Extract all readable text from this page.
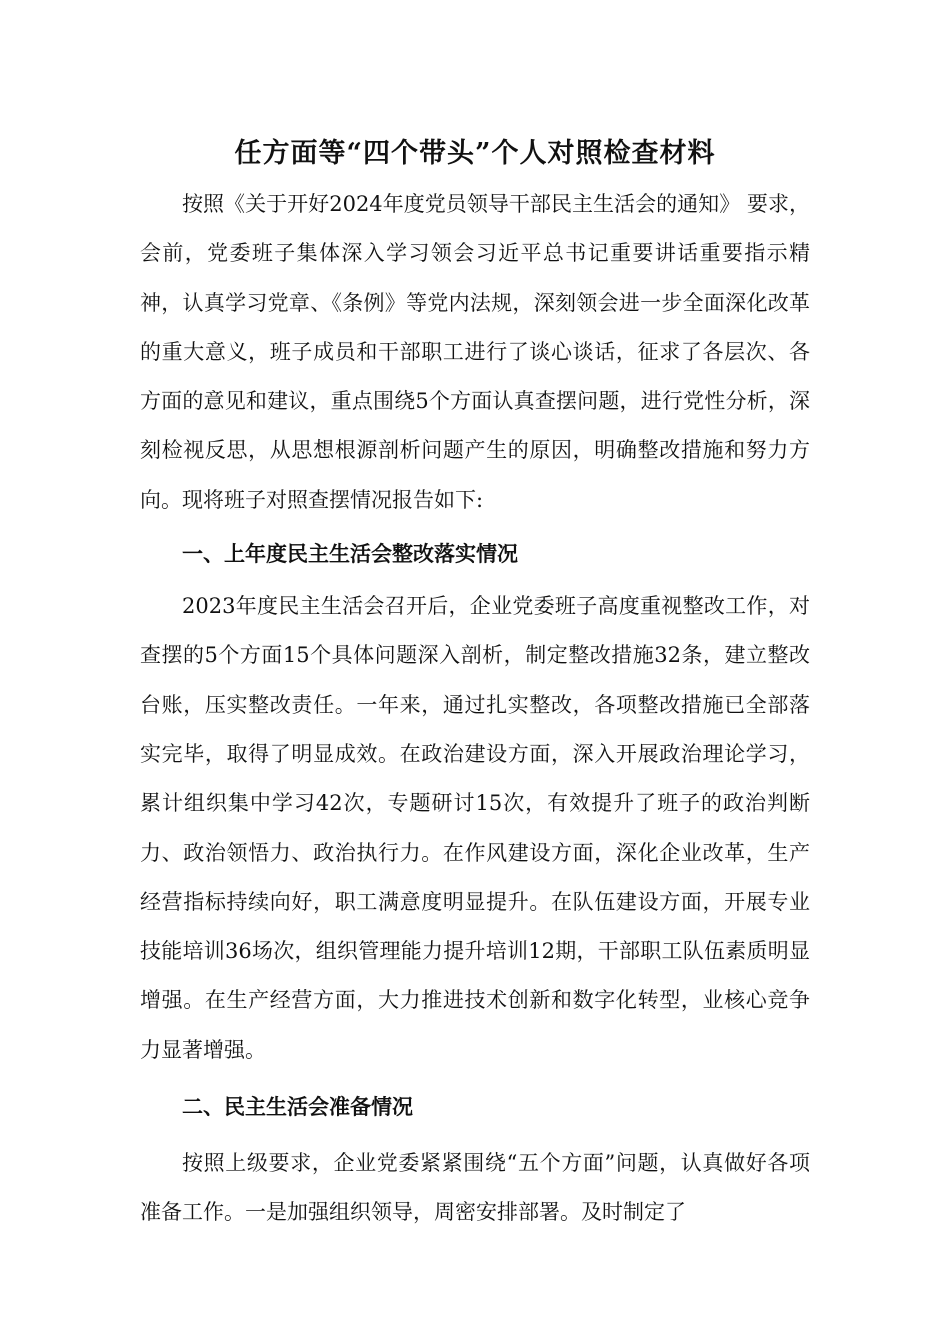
任方面等“四个带头”个人对照检查材料

按照《关于开好2024年度党员领导干部民主生活会的通知》 要求，会前，党委班子集体深入学习领会习近平总书记重要讲话重要指示精神，认真学习党章、《条例》等党内法规，深刻领会进一步全面深化改革的重大意义，班子成员和干部职工进行了谈心谈话，征求了各层次、各方面的意见和建议，重点围绕5个方面认真查摆问题，进行党性分析，深刻检视反思，从思想根源剖析问题产生的原因，明确整改措施和努力方向。现将班子对照查摆情况报告如下:

一、上年度民主生活会整改落实情况

2023年度民主生活会召开后，企业党委班子高度重视整改工作，对查摆的5个方面15个具体问题深入剖析，制定整改措施32条，建立整改台账，压实整改责任。一年来，通过扎实整改，各项整改措施已全部落实完毕，取得了明显成效。在政治建设方面，深入开展政治理论学习，累计组织集中学习42次，专题研讨15次，有效提升了班子的政治判断力、政治领悟力、政治执行力。在作风建设方面，深化企业改革，生产经营指标持续向好，职工满意度明显提升。在队伍建设方面，开展专业技能培训36场次，组织管理能力提升培训12期，干部职工队伍素质明显增强。在生产经营方面，大力推进技术创新和数字化转型，业核心竞争力显著增强。

二、民主生活会准备情况

按照上级要求，企业党委紧紧围绕“五个方面”问题，认真做好各项准备工作。一是加强组织领导，周密安排部署。及时制定了
